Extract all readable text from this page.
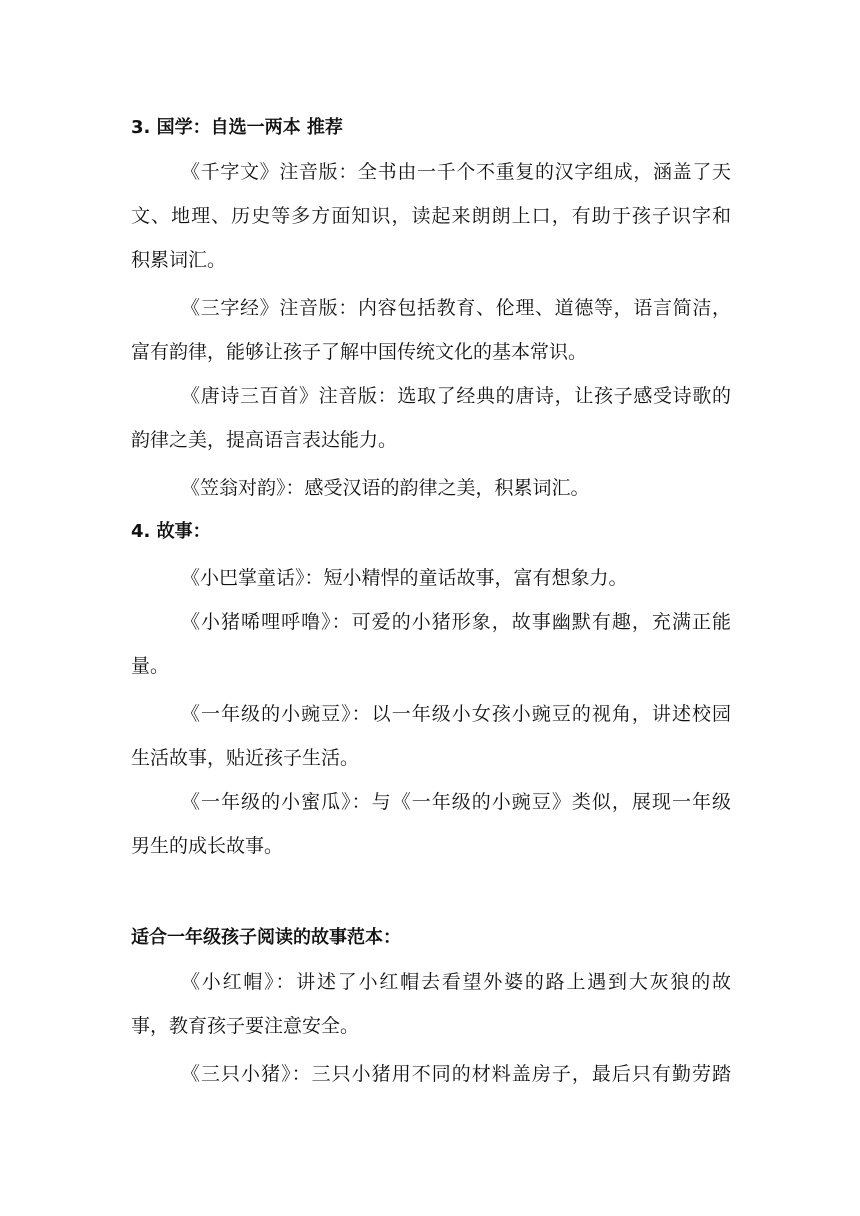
3. 国学：自选一两本 推荐
《千字文》注音版：全书由一千个不重复的汉字组成，涵盖了天
文、地理、历史等多方面知识，读起来朗朗上口，有助于孩子识字和
积累词汇。
《三字经》注音版：内容包括教育、伦理、道德等，语言简洁，
富有韵律，能够让孩子了解中国传统文化的基本常识。
《唐诗三百首》注音版：选取了经典的唐诗，让孩子感受诗歌的
韵律之美，提高语言表达能力。
《笠翁对韵》：感受汉语的韵律之美，积累词汇。
4. 故事：
《小巴掌童话》：短小精悍的童话故事，富有想象力。
《小猪唏哩呼噜》：可爱的小猪形象，故事幽默有趣，充满正能
量。
《一年级的小豌豆》：以一年级小女孩小豌豆的视角，讲述校园
生活故事，贴近孩子生活。
《一年级的小蜜瓜》：与《一年级的小豌豆》类似，展现一年级
男生的成长故事。
适合一年级孩子阅读的故事范本：
《小红帽》：讲述了小红帽去看望外婆的路上遇到大灰狼的故
事，教育孩子要注意安全。
《三只小猪》：三只小猪用不同的材料盖房子，最后只有勤劳踏
